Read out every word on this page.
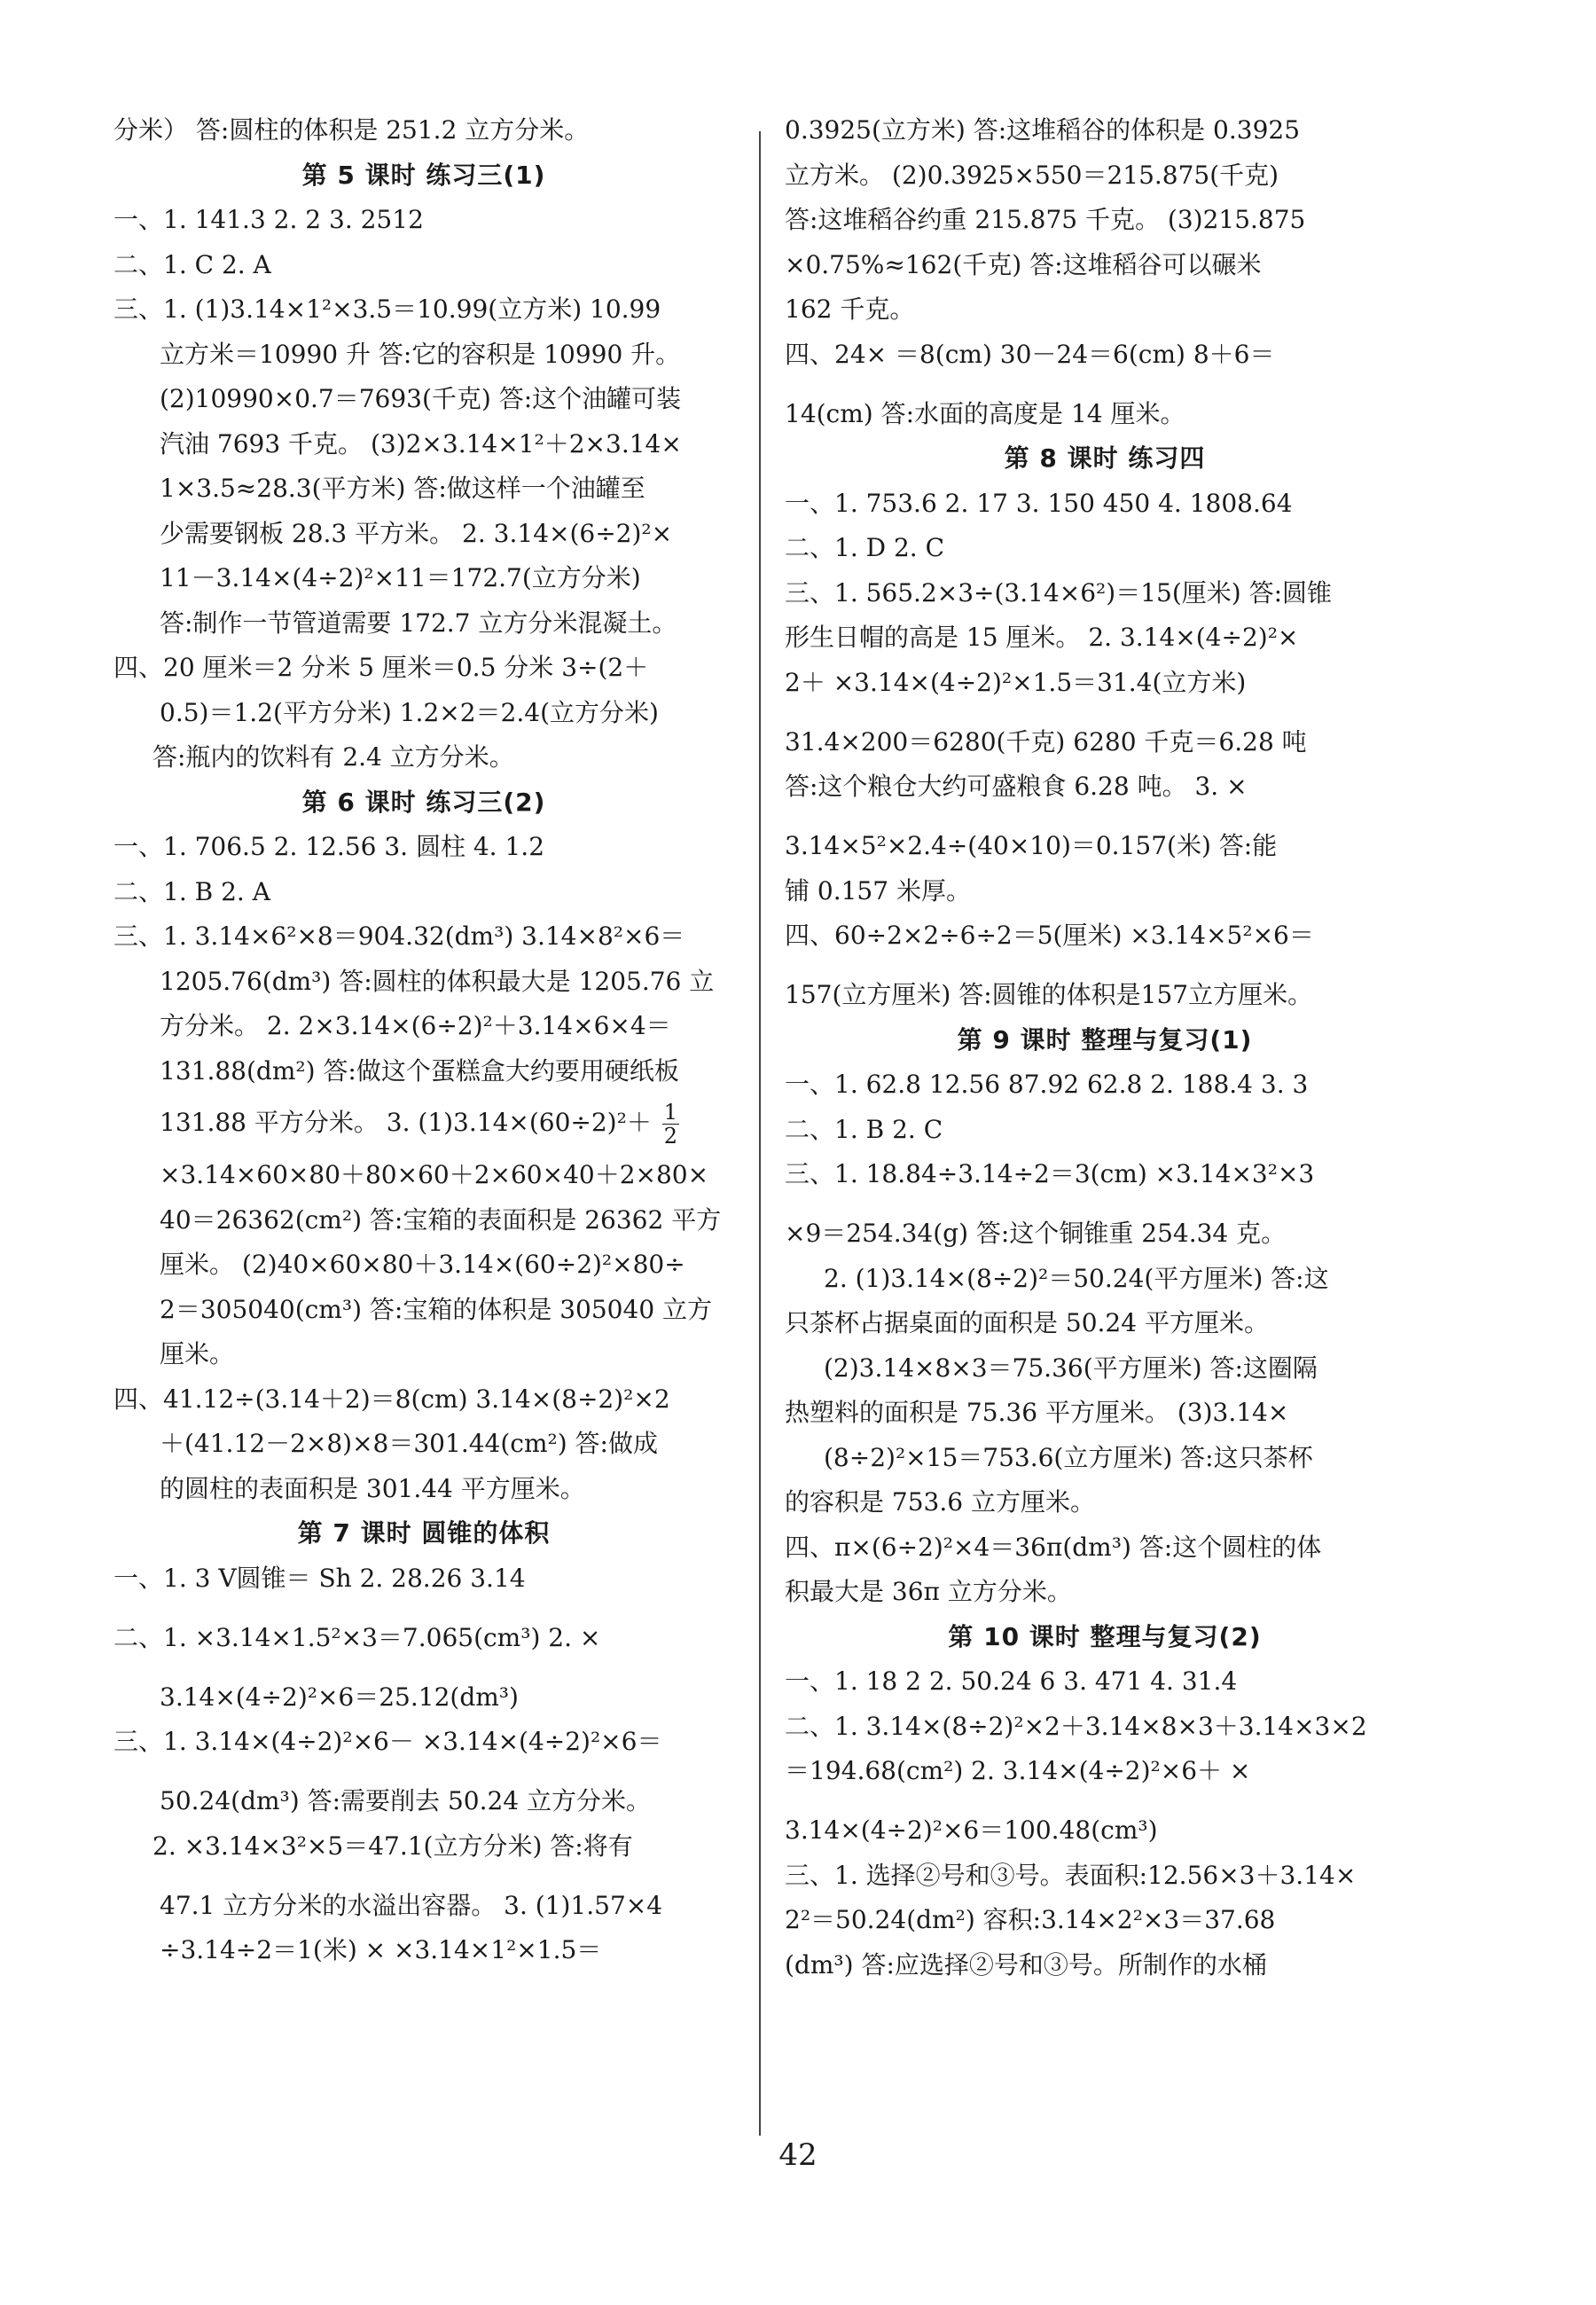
分米） 答:圆柱的体积是 251.2 立方分米。
第 5 课时 练习三(1)
一、1. 141.3 2. 2 3. 2512
二、1. C 2. A
三、1. (1)3.14×1²×3.5＝10.99(立方米) 10.99
立方米＝10990 升 答:它的容积是 10990 升。
(2)10990×0.7＝7693(千克) 答:这个油罐可装
汽油 7693 千克。 (3)2×3.14×1²＋2×3.14×
1×3.5≈28.3(平方米) 答:做这样一个油罐至
少需要钢板 28.3 平方米。 2. 3.14×(6÷2)²×
11－3.14×(4÷2)²×11＝172.7(立方分米)
答:制作一节管道需要 172.7 立方分米混凝土。
四、20 厘米＝2 分米 5 厘米＝0.5 分米 3÷(2＋
0.5)＝1.2(平方分米) 1.2×2＝2.4(立方分米)
答:瓶内的饮料有 2.4 立方分米。
第 6 课时 练习三(2)
一、1. 706.5 2. 12.56 3. 圆柱 4. 1.2
二、1. B 2. A
三、1. 3.14×6²×8＝904.32(dm³) 3.14×8²×6＝
1205.76(dm³) 答:圆柱的体积最大是 1205.76 立
方分米。 2. 2×3.14×(6÷2)²＋3.14×6×4＝
131.88(dm²) 答:做这个蛋糕盒大约要用硬纸板
131.88 平方分米。 3. $(1)3.14\times(60\div 2)^2+ \frac{1}{2}$
×3.14×60×80＋80×60＋2×60×40＋2×80×
40＝26362(cm²) 答:宝箱的表面积是 26362 平方
厘米。 (2)40×60×80＋3.14×(60÷2)²×80÷
2＝305040(cm³) 答:宝箱的体积是 305040 立方
厘米。
四、41.12÷(3.14＋2)＝8(cm) 3.14×(8÷2)²×2
＋(41.12－2×8)×8＝301.44(cm²) 答:做成
的圆柱的表面积是 301.44 平方厘米。
第 7 课时 圆锥的体积
一、1. 3 V圆锥＝ Sh 2. 28.26 3.14
二、1. ×3.14×1.5²×3＝7.065(cm³) 2. ×
3.14×(4÷2)²×6＝25.12(dm³)
三、1. 3.14×(4÷2)²×6－ ×3.14×(4÷2)²×6＝
50.24(dm³) 答:需要削去 50.24 立方分米。
2. ×3.14×3²×5＝47.1(立方分米) 答:将有
47.1 立方分米的水溢出容器。 3. (1)1.57×4
÷3.14÷2＝1(米) × ×3.14×1²×1.5＝
0.3925(立方米) 答:这堆稻谷的体积是 0.3925
立方米。 (2)0.3925×550＝215.875(千克)
答:这堆稻谷约重 215.875 千克。 (3)215.875
×0.75%≈162(千克) 答:这堆稻谷可以碾米
162 千克。
四、24× ＝8(cm) 30－24＝6(cm) 8＋6＝
14(cm) 答:水面的高度是 14 厘米。
第 8 课时 练习四
一、1. 753.6 2. 17 3. 150 450 4. 1808.64
二、1. D 2. C
三、1. 565.2×3÷(3.14×6²)＝15(厘米) 答:圆锥
形生日帽的高是 15 厘米。 2. 3.14×(4÷2)²×
2＋ ×3.14×(4÷2)²×1.5＝31.4(立方米)
31.4×200＝6280(千克) 6280 千克＝6.28 吨
答:这个粮仓大约可盛粮食 6.28 吨。 3. ×
3.14×5²×2.4÷(40×10)＝0.157(米) 答:能
铺 0.157 米厚。
四、60÷2×2÷6÷2＝5(厘米) ×3.14×5²×6＝
157(立方厘米) 答:圆锥的体积是157立方厘米。
第 9 课时 整理与复习(1)
一、1. 62.8 12.56 87.92 62.8 2. 188.4 3. 3
二、1. B 2. C
三、1. 18.84÷3.14÷2＝3(cm) ×3.14×3²×3
×9＝254.34(g) 答:这个铜锥重 254.34 克。
2. (1)3.14×(8÷2)²＝50.24(平方厘米) 答:这
只茶杯占据桌面的面积是 50.24 平方厘米。
(2)3.14×8×3＝75.36(平方厘米) 答:这圈隔
热塑料的面积是 75.36 平方厘米。 (3)3.14×
(8÷2)²×15＝753.6(立方厘米) 答:这只茶杯
的容积是 753.6 立方厘米。
四、π×(6÷2)²×4＝36π(dm³) 答:这个圆柱的体
积最大是 36π 立方分米。
第 10 课时 整理与复习(2)
一、1. 18 2 2. 50.24 6 3. 471 4. 31.4
二、1. 3.14×(8÷2)²×2＋3.14×8×3＋3.14×3×2
＝194.68(cm²) 2. 3.14×(4÷2)²×6＋ ×
3.14×(4÷2)²×6＝100.48(cm³)
三、1. 选择②号和③号。表面积:12.56×3＋3.14×
2²＝50.24(dm²) 容积:3.14×2²×3＝37.68
(dm³) 答:应选择②号和③号。所制作的水桶
42
